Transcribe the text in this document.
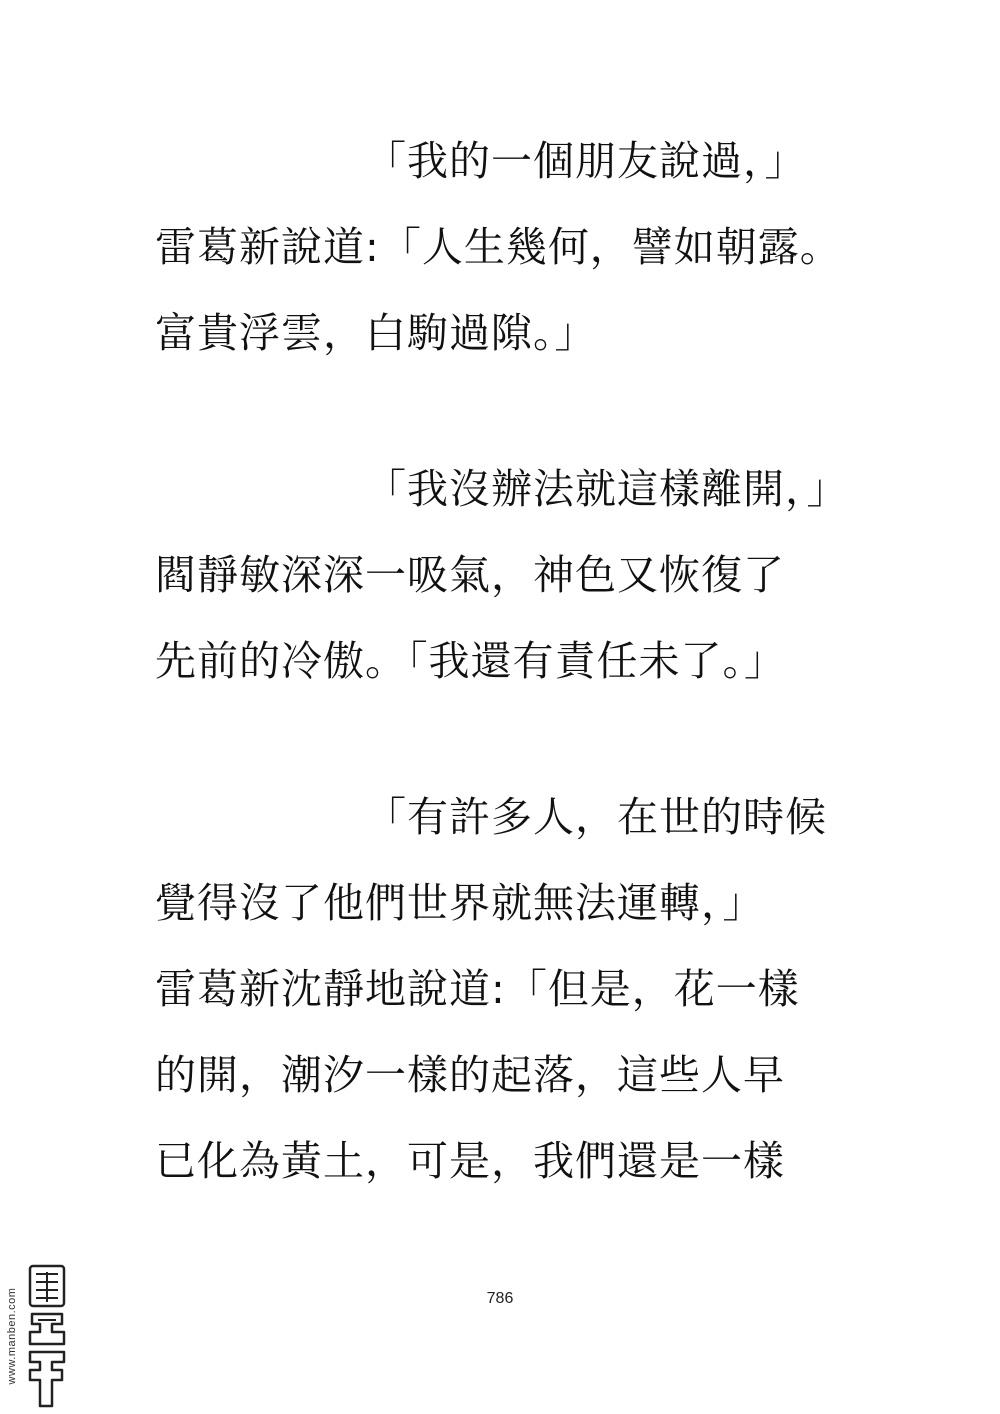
「我的一個朋友說過，」
雷葛新說道:「人生幾何，譬如朝露。
富貴浮雲，白駒過隙。」
「我沒辦法就這樣離開，」
閻靜敏深深一吸氣，神色又恢復了
先前的冷傲。「我還有責任未了。」
「有許多人，在世的時候
覺得沒了他們世界就無法運轉，」
雷葛新沈靜地說道:「但是，花一樣
的開，潮汐一樣的起落，這些人早
已化為黃土，可是，我們還是一樣
786
www.manben.com
